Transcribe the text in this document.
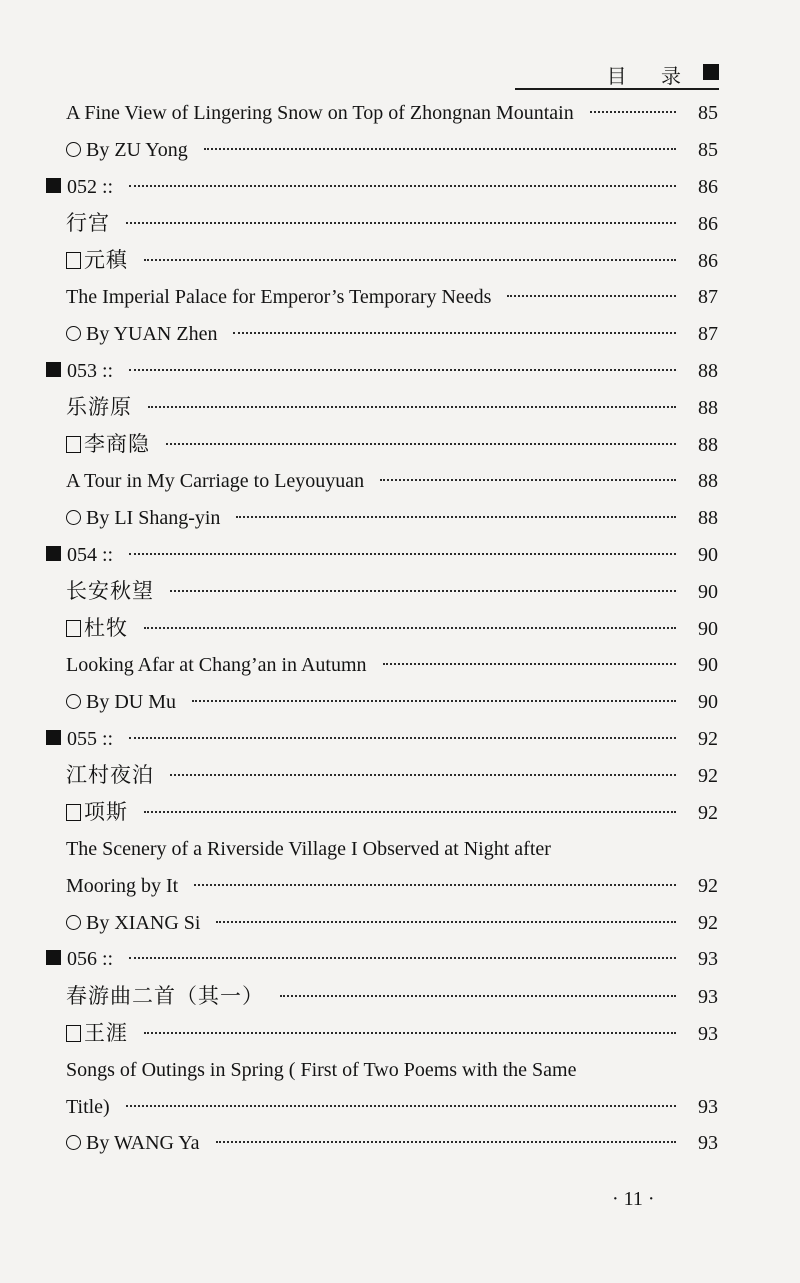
目 录
A Fine View of Lingering Snow on Top of Zhongnan Mountain	85
By ZU Yong	85
052 ::	86
行宫	86
元稹	86
The Imperial Palace for Emperor’s Temporary Needs	87
By YUAN Zhen	87
053 ::	88
乐游原	88
李商隐	88
A Tour in My Carriage to Leyouyuan	88
By LI Shang-yin	88
054 ::	90
长安秋望	90
杜牧	90
Looking Afar at Chang’an in Autumn	90
By DU Mu	90
055 ::	92
江村夜泊	92
项斯	92
The Scenery of a Riverside Village I Observed at Night after
Mooring by It	92
By XIANG Si	92
056 ::	93
春游曲二首（其一）	93
王涯	93
Songs of Outings in Spring ( First of Two Poems with the Same
Title)	93
By WANG Ya	93
· 11 ·
